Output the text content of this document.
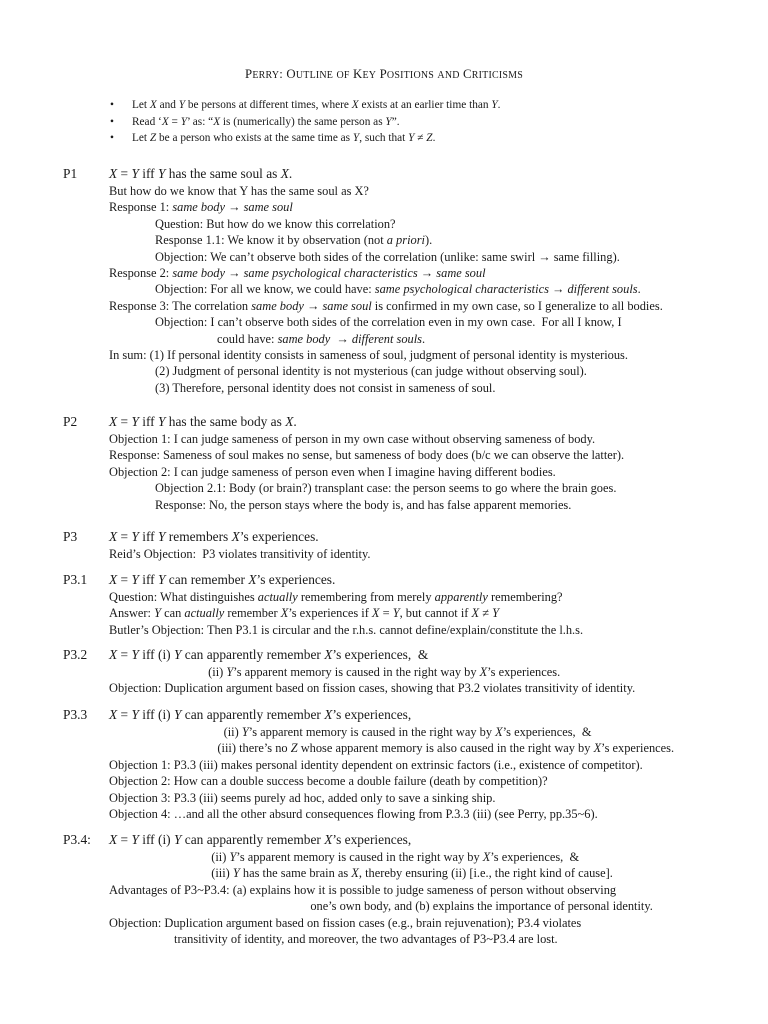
PERRY: OUTLINE OF KEY POSITIONS AND CRITICISMS
• Let X and Y be persons at different times, where X exists at an earlier time than Y.
• Read ‘X = Y’ as: “X is (numerically) the same person as Y”.
• Let Z be a person who exists at the same time as Y, such that Y ≠ Z.
P1 X = Y iff Y has the same soul as X.
But how do we know that Y has the same soul as X?
Response 1: same body → same soul
Question: But how do we know this correlation?
Response 1.1: We know it by observation (not a priori).
Objection: We can’t observe both sides of the correlation (unlike: same swirl → same filling).
Response 2: same body → same psychological characteristics → same soul
Objection: For all we know, we could have: same psychological characteristics → different souls.
Response 3: The correlation same body → same soul is confirmed in my own case, so I generalize to all bodies.
Objection: I can’t observe both sides of the correlation even in my own case.  For all I know, I
could have: same body  → different souls.
In sum: (1) If personal identity consists in sameness of soul, judgment of personal identity is mysterious.
(2) Judgment of personal identity is not mysterious (can judge without observing soul).
(3) Therefore, personal identity does not consist in sameness of soul.
P2 X = Y iff Y has the same body as X.
Objection 1: I can judge sameness of person in my own case without observing sameness of body.
Response: Sameness of soul makes no sense, but sameness of body does (b/c we can observe the latter).
Objection 2: I can judge sameness of person even when I imagine having different bodies.
Objection 2.1: Body (or brain?) transplant case: the person seems to go where the brain goes.
Response: No, the person stays where the body is, and has false apparent memories.
P3 X = Y iff Y remembers X’s experiences.
Reid’s Objection:  P3 violates transitivity of identity.
P3.1 X = Y iff Y can remember X’s experiences.
Question: What distinguishes actually remembering from merely apparently remembering?
Answer: Y can actually remember X’s experiences if X = Y, but cannot if X ≠ Y
Butler’s Objection: Then P3.1 is circular and the r.h.s. cannot define/explain/constitute the l.h.s.
P3.2 X = Y iff (i) Y can apparently remember X’s experiences,  &
(ii) Y’s apparent memory is caused in the right way by X’s experiences.
Objection: Duplication argument based on fission cases, showing that P3.2 violates transitivity of identity.
P3.3 X = Y iff (i) Y can apparently remember X’s experiences,
(ii) Y’s apparent memory is caused in the right way by X’s experiences,  &
(iii) there’s no Z whose apparent memory is also caused in the right way by X’s experiences.
Objection 1: P3.3 (iii) makes personal identity dependent on extrinsic factors (i.e., existence of competitor).
Objection 2: How can a double success become a double failure (death by competition)?
Objection 3: P3.3 (iii) seems purely ad hoc, added only to save a sinking ship.
Objection 4: …and all the other absurd consequences flowing from P.3.3 (iii) (see Perry, pp.35~6).
P3.4: X = Y iff (i) Y can apparently remember X’s experiences,
(ii) Y’s apparent memory is caused in the right way by X’s experiences,  &
(iii) Y has the same brain as X, thereby ensuring (ii) [i.e., the right kind of cause].
Advantages of P3~P3.4: (a) explains how it is possible to judge sameness of person without observing
one’s own body, and (b) explains the importance of personal identity.
Objection: Duplication argument based on fission cases (e.g., brain rejuvenation); P3.4 violates
transitivity of identity, and moreover, the two advantages of P3~P3.4 are lost.
